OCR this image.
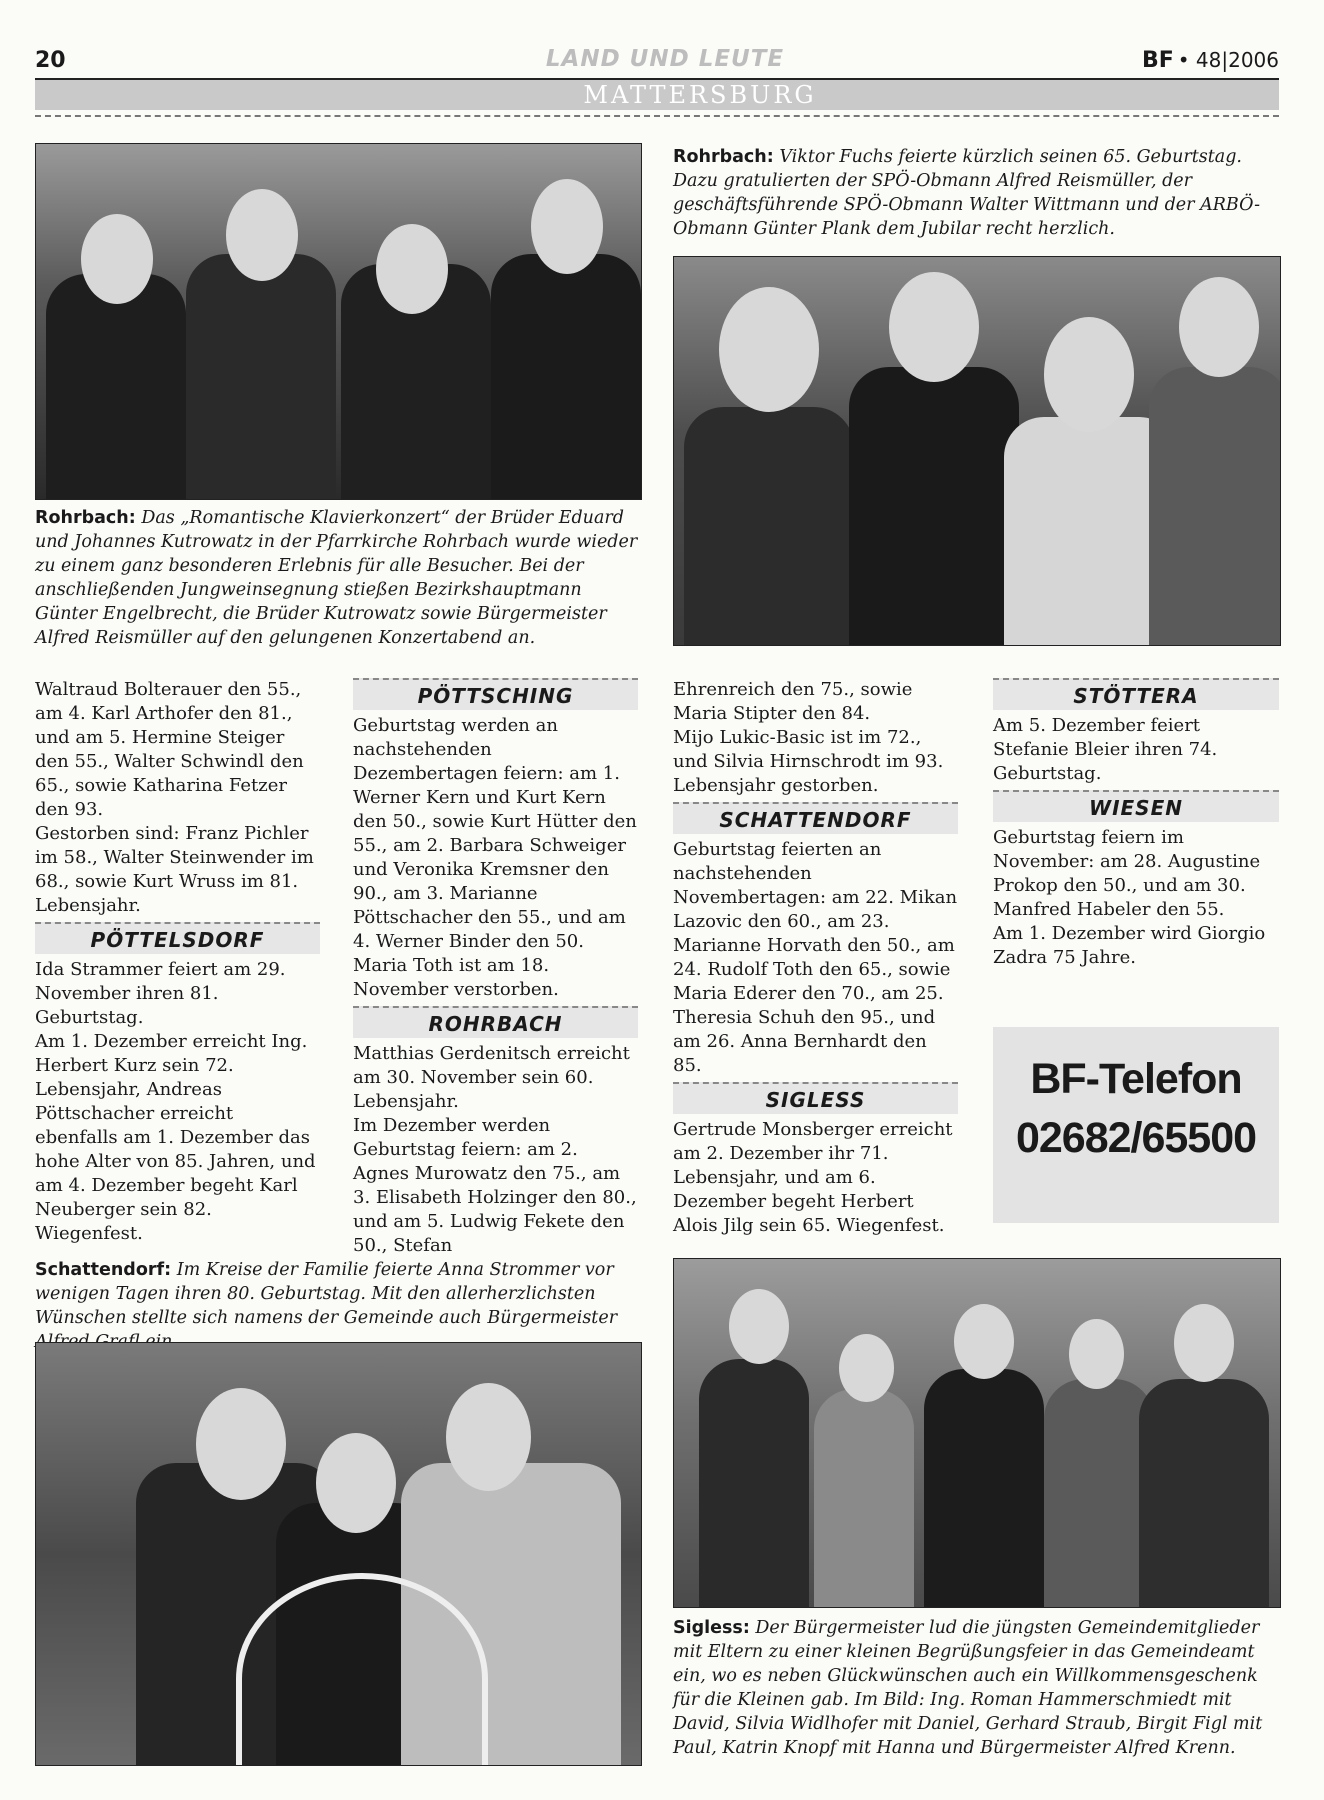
20	LAND UND LEUTE	BF • 48|2006
MATTERSBURG
Rohrbach: Das „Romantische Klavierkonzert“ der Brüder Eduard und Johannes Kutrowatz in der Pfarrkirche Rohrbach wurde wieder zu einem ganz besonderen Erlebnis für alle Besucher. Bei der anschließenden Jungweinsegnung stießen Bezirkshauptmann Günter Engelbrecht, die Brüder Kutrowatz sowie Bürgermeister Alfred Reismüller auf den gelungenen Konzertabend an.
Rohrbach: Viktor Fuchs feierte kürzlich seinen 65. Geburtstag. Dazu gratulierten der SPÖ-Obmann Alfred Reismüller, der geschäftsführende SPÖ-Obmann Walter Wittmann und der ARBÖ-Obmann Günter Plank dem Jubilar recht herzlich.

Waltraud Bolterauer den 55., am 4. Karl Arthofer den 81., und am 5. Hermine Steiger den 55., Walter Schwindl den 65., sowie Katharina Fetzer den 93.

Gestorben sind: Franz Pichler im 58., Walter Steinwender im 68., sowie Kurt Wruss im 81. Lebensjahr.

PÖTTELSDORF

Ida Strammer feiert am 29. November ihren 81. Geburtstag.

Am 1. Dezember erreicht Ing. Herbert Kurz sein 72. Lebensjahr, Andreas Pöttschacher erreicht ebenfalls am 1. Dezember das hohe Alter von 85. Jahren, und am 4. Dezember begeht Karl Neuberger sein 82. Wiegenfest.

PÖTTSCHING

Geburtstag werden an nachstehenden Dezembertagen feiern: am 1. Werner Kern und Kurt Kern den 50., sowie Kurt Hütter den 55., am 2. Barbara Schweiger und Veronika Kremsner den 90., am 3. Marianne Pöttschacher den 55., und am 4. Werner Binder den 50.

Maria Toth ist am 18. November verstorben.

ROHRBACH

Matthias Gerdenitsch erreicht am 30. November sein 60. Lebensjahr.

Im Dezember werden Geburtstag feiern: am 2. Agnes Murowatz den 75., am 3. Elisabeth Holzinger den 80., und am 5. Ludwig Fekete den 50., Stefan

Ehrenreich den 75., sowie Maria Stipter den 84.

Mijo Lukic-Basic ist im 72., und Silvia Hirnschrodt im 93. Lebensjahr gestorben.

SCHATTENDORF

Geburtstag feierten an nachstehenden Novembertagen: am 22. Mikan Lazovic den 60., am 23. Marianne Horvath den 50., am 24. Rudolf Toth den 65., sowie Maria Ederer den 70., am 25. Theresia Schuh den 95., und am 26. Anna Bernhardt den 85.

SIGLESS

Gertrude Monsberger erreicht am 2. Dezember ihr 71. Lebensjahr, und am 6. Dezember begeht Herbert Alois Jilg sein 65. Wiegenfest.

STÖTTERA

Am 5. Dezember feiert Stefanie Bleier ihren 74. Geburtstag.

WIESEN

Geburtstag feiern im November: am 28. Augustine Prokop den 50., und am 30. Manfred Habeler den 55.

Am 1. Dezember wird Giorgio Zadra 75 Jahre.

BF-Telefon
02682/65500
Schattendorf: Im Kreise der Familie feierte Anna Strommer vor wenigen Tagen ihren 80. Geburtstag. Mit den allerherzlichsten Wünschen stellte sich namens der Gemeinde auch Bürgermeister
Sigless: Der Bürgermeister lud die jüngsten Gemeindemitglieder mit Eltern zu einer kleinen Begrüßungsfeier in das Gemeindeamt ein, wo es neben Glückwünschen auch ein Willkommensgeschenk für die Kleinen gab. Im Bild: Ing. Roman Hammerschmiedt mit David, Silvia Widlhofer mit Daniel, Gerhard Straub, Birgit Figl mit Paul, Katrin Knopf mit Hanna und Bürgermeister Alfred Krenn.
